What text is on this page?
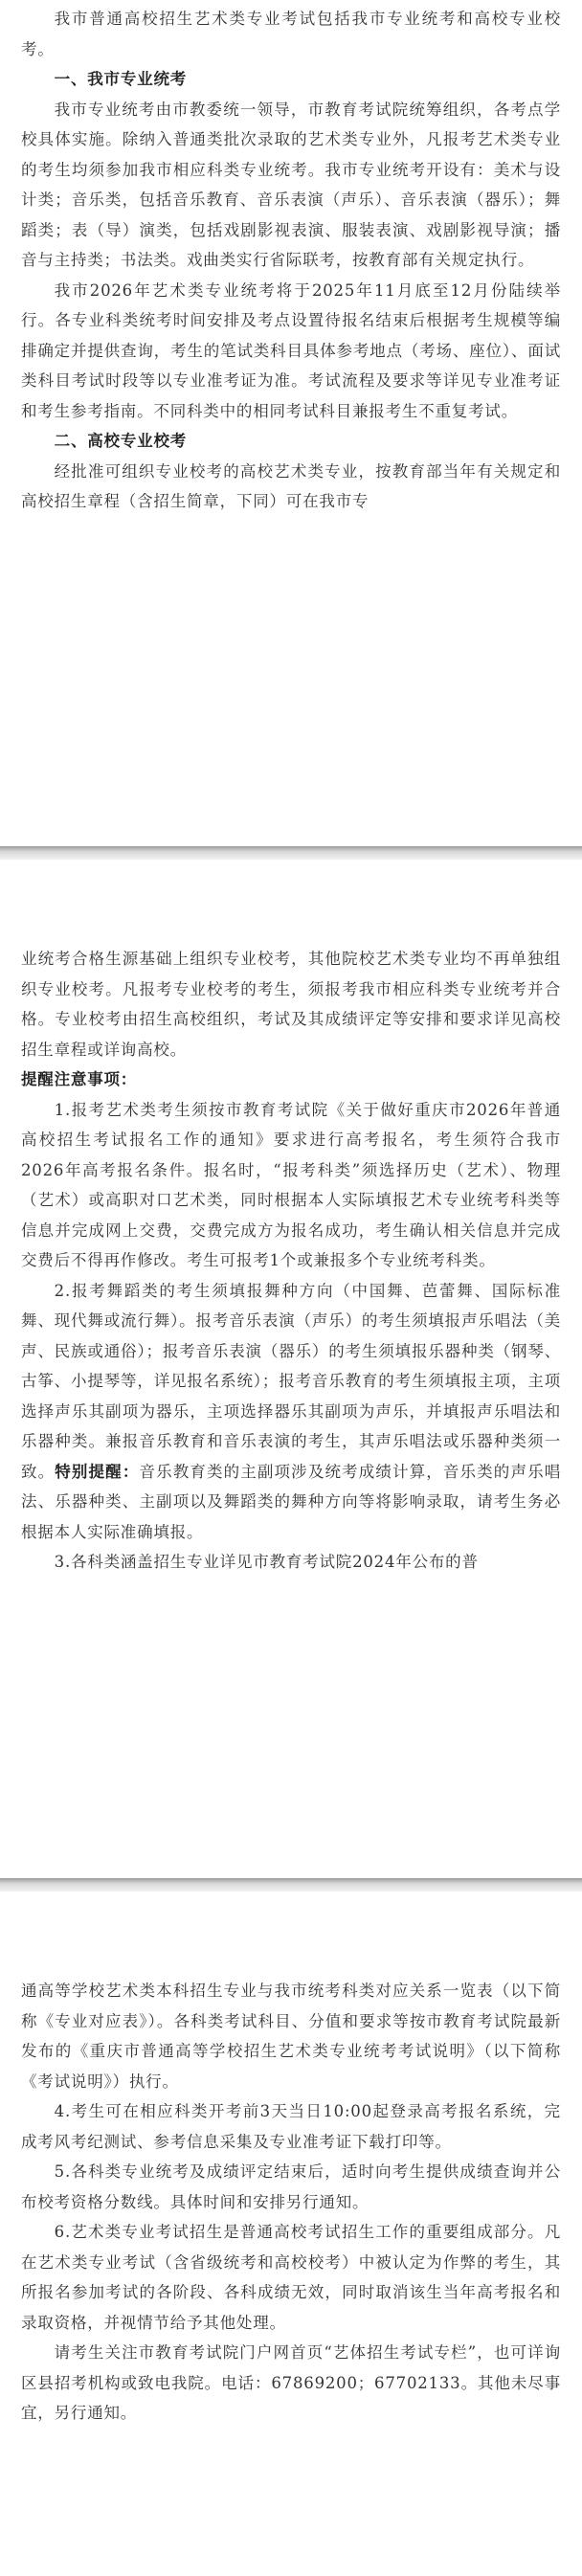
我市普通高校招生艺术类专业考试包括我市专业统考和高校专业校考。

一、我市专业统考

我市专业统考由市教委统一领导，市教育考试院统筹组织，各考点学校具体实施。除纳入普通类批次录取的艺术类专业外，凡报考艺术类专业的考生均须参加我市相应科类专业统考。我市专业统考开设有：美术与设计类；音乐类，包括音乐教育、音乐表演（声乐）、音乐表演（器乐）；舞蹈类；表（导）演类，包括戏剧影视表演、服装表演、戏剧影视导演；播音与主持类；书法类。戏曲类实行省际联考，按教育部有关规定执行。

我市2026年艺术类专业统考将于2025年11月底至12月份陆续举行。各专业科类统考时间安排及考点设置待报名结束后根据考生规模等编排确定并提供查询，考生的笔试类科目具体参考地点（考场、座位）、面试类科目考试时段等以专业准考证为准。考试流程及要求等详见专业准考证和考生参考指南。不同科类中的相同考试科目兼报考生不重复考试。

二、高校专业校考

经批准可组织专业校考的高校艺术类专业，按教育部当年有关规定和高校招生章程（含招生简章，下同）可在我市专

业统考合格生源基础上组织专业校考，其他院校艺术类专业均不再单独组织专业校考。凡报考专业校考的考生，须报考我市相应科类专业统考并合格。专业校考由招生高校组织，考试及其成绩评定等安排和要求详见高校招生章程或详询高校。

提醒注意事项：

1.报考艺术类考生须按市教育考试院《关于做好重庆市2026年普通高校招生考试报名工作的通知》要求进行高考报名，考生须符合我市2026年高考报名条件。报名时，“报考科类”须选择历史（艺术）、物理（艺术）或高职对口艺术类，同时根据本人实际填报艺术专业统考科类等信息并完成网上交费，交费完成方为报名成功，考生确认相关信息并完成交费后不得再作修改。考生可报考1个或兼报多个专业统考科类。

2.报考舞蹈类的考生须填报舞种方向（中国舞、芭蕾舞、国际标准舞、现代舞或流行舞）。报考音乐表演（声乐）的考生须填报声乐唱法（美声、民族或通俗）；报考音乐表演（器乐）的考生须填报乐器种类（钢琴、古筝、小提琴等，详见报名系统）；报考音乐教育的考生须填报主项，主项选择声乐其副项为器乐，主项选择器乐其副项为声乐，并填报声乐唱法和乐器种类。兼报音乐教育和音乐表演的考生，其声乐唱法或乐器种类须一致。特别提醒：音乐教育类的主副项涉及统考成绩计算，音乐类的声乐唱法、乐器种类、主副项以及舞蹈类的舞种方向等将影响录取，请考生务必根据本人实际准确填报。

3.各科类涵盖招生专业详见市教育考试院2024年公布的普

通高等学校艺术类本科招生专业与我市统考科类对应关系一览表（以下简称《专业对应表》）。各科类考试科目、分值和要求等按市教育考试院最新发布的《重庆市普通高等学校招生艺术类专业统考考试说明》（以下简称《考试说明》）执行。

4.考生可在相应科类开考前3天当日10:00起登录高考报名系统，完成考风考纪测试、参考信息采集及专业准考证下载打印等。

5.各科类专业统考及成绩评定结束后，适时向考生提供成绩查询并公布校考资格分数线。具体时间和安排另行通知。

6.艺术类专业考试招生是普通高校考试招生工作的重要组成部分。凡在艺术类专业考试（含省级统考和高校校考）中被认定为作弊的考生，其所报名参加考试的各阶段、各科成绩无效，同时取消该生当年高考报名和录取资格，并视情节给予其他处理。

请考生关注市教育考试院门户网首页“艺体招生考试专栏”，也可详询区县招考机构或致电我院。电话：67869200；67702133。其他未尽事宜，另行通知。
